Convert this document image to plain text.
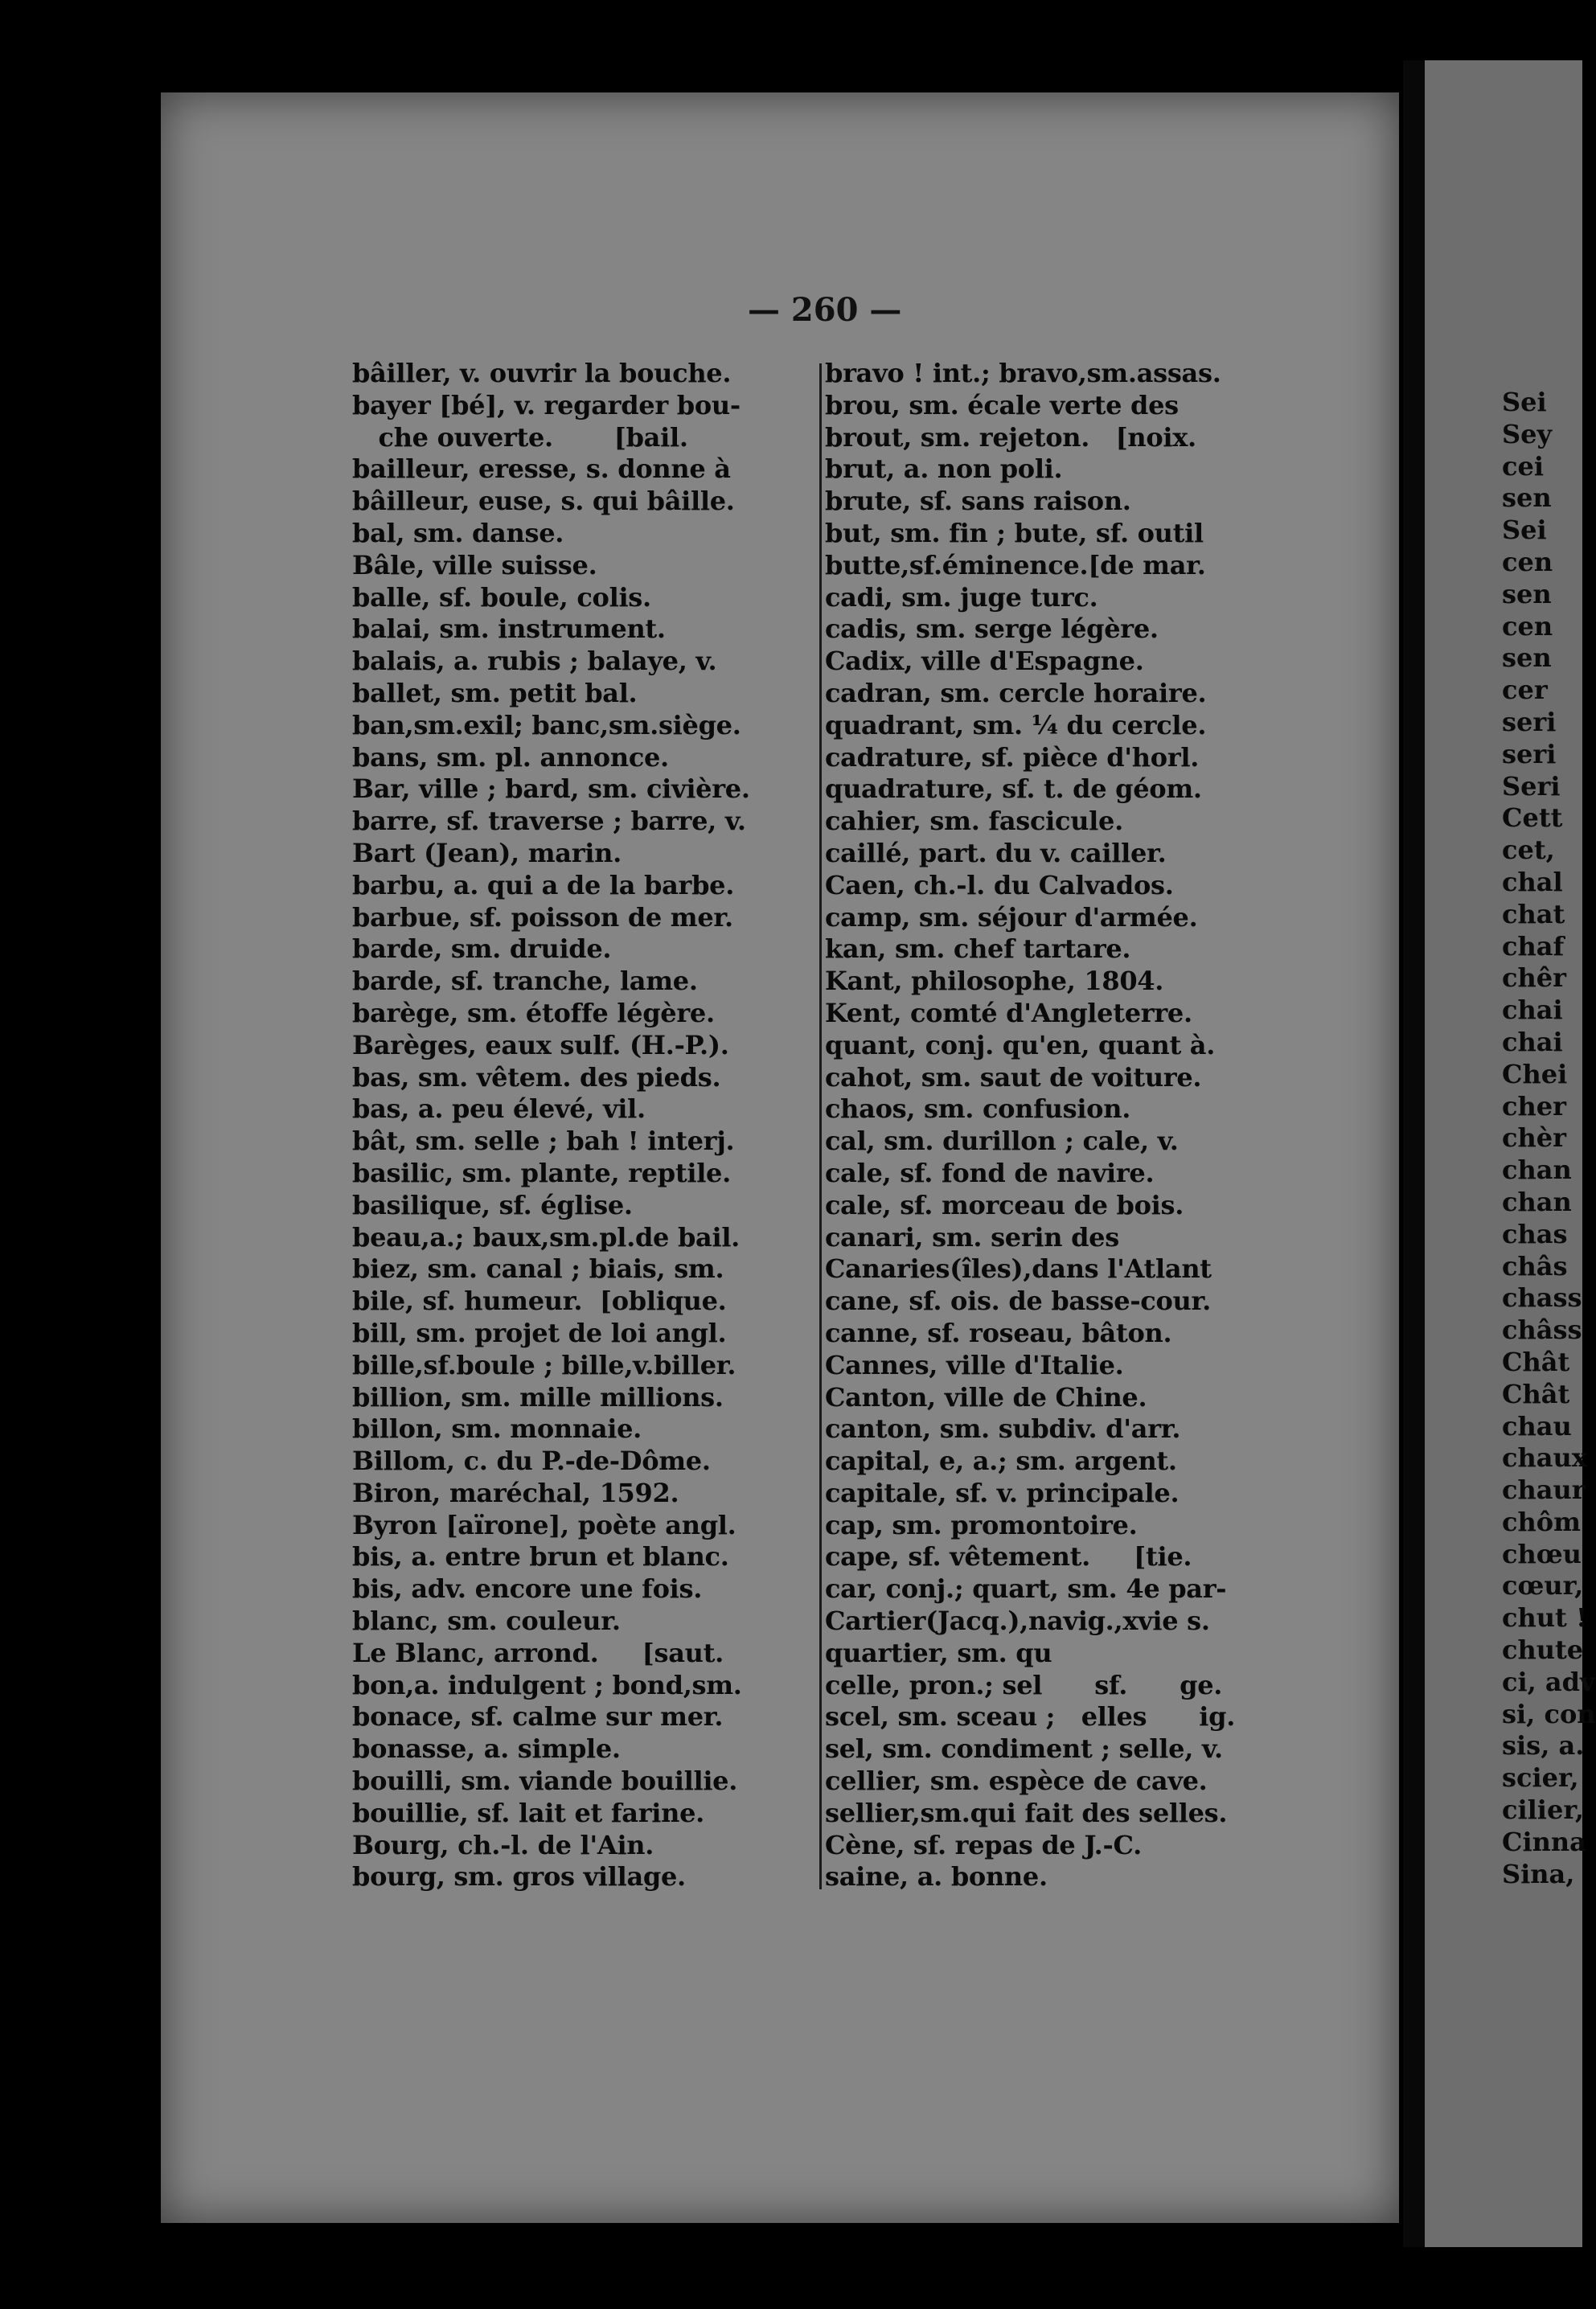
— 260 —
bâiller, v. ouvrir la bouche.
bayer [bé], v. regarder bou-
che ouverte.       [bail.
bailleur, eresse, s. donne à
bâilleur, euse, s. qui bâille.
bal, sm. danse.
Bâle, ville suisse.
balle, sf. boule, colis.
balai, sm. instrument.
balais, a. rubis ; balaye, v.
ballet, sm. petit bal.
ban,sm.exil; banc,sm.siège.
bans, sm. pl. annonce.
Bar, ville ; bard, sm. civière.
barre, sf. traverse ; barre, v.
Bart (Jean), marin.
barbu, a. qui a de la barbe.
barbue, sf. poisson de mer.
barde, sm. druide.
barde, sf. tranche, lame.
barège, sm. étoffe légère.
Barèges, eaux sulf. (H.-P.).
bas, sm. vêtem. des pieds.
bas, a. peu élevé, vil.
bât, sm. selle ; bah ! interj.
basilic, sm. plante, reptile.
basilique, sf. église.
beau,a.; baux,sm.pl.de bail.
biez, sm. canal ; biais, sm.
bile, sf. humeur.  [oblique.
bill, sm. projet de loi angl.
bille,sf.boule ; bille,v.biller.
billion, sm. mille millions.
billon, sm. monnaie.
Billom, c. du P.-de-Dôme.
Biron, maréchal, 1592.
Byron [aïrone], poète angl.
bis, a. entre brun et blanc.
bis, adv. encore une fois.
blanc, sm. couleur.
Le Blanc, arrond.     [saut.
bon,a. indulgent ; bond,sm.
bonace, sf. calme sur mer.
bonasse, a. simple.
bouilli, sm. viande bouillie.
bouillie, sf. lait et farine.
Bourg, ch.-l. de l'Ain.
bourg, sm. gros village.
bravo ! int.; bravo,sm.assas.
brou, sm. écale verte des
brout, sm. rejeton.   [noix.
brut, a. non poli.
brute, sf. sans raison.
but, sm. fin ; bute, sf. outil
butte,sf.éminence.[de mar.
cadi, sm. juge turc.
cadis, sm. serge légère.
Cadix, ville d'Espagne.
cadran, sm. cercle horaire.
quadrant, sm. ¼ du cercle.
cadrature, sf. pièce d'horl.
quadrature, sf. t. de géom.
cahier, sm. fascicule.
caillé, part. du v. cailler.
Caen, ch.-l. du Calvados.
camp, sm. séjour d'armée.
kan, sm. chef tartare.
Kant, philosophe, 1804.
Kent, comté d'Angleterre.
quant, conj. qu'en, quant à.
cahot, sm. saut de voiture.
chaos, sm. confusion.
cal, sm. durillon ; cale, v.
cale, sf. fond de navire.
cale, sf. morceau de bois.
canari, sm. serin des
Canaries(îles),dans l'Atlant
cane, sf. ois. de basse-cour.
canne, sf. roseau, bâton.
Cannes, ville d'Italie.
Canton, ville de Chine.
canton, sm. subdiv. d'arr.
capital, e, a.; sm. argent.
capitale, sf. v. principale.
cap, sm. promontoire.
cape, sf. vêtement.     [tie.
car, conj.; quart, sm. 4e par-
Cartier(Jacq.),navig.,xvie s.
quartier, sm. qu
celle, pron.; sel      sf.      ge.
scel, sm. sceau ;   elles      ig.
sel, sm. condiment ; selle, v.
cellier, sm. espèce de cave.
sellier,sm.qui fait des selles.
Cène, sf. repas de J.-C.
saine, a. bonne.
Sei
Sey
cei
sen
Sei
cen
sen
cen
sen
cer
seri
seri
Seri
Cett
cet,
chal
chat
chaf
chêr
chai
chai
Chei
cher
chèr
chan
chan
chas
châs
chass
châss
Chât
Chât
chau
chaux
chaur
chôm
chœu
cœur,
chut !
chute
ci, adv
si, con
sis, a.
scier,
cilier,
Cinna
Sina,
